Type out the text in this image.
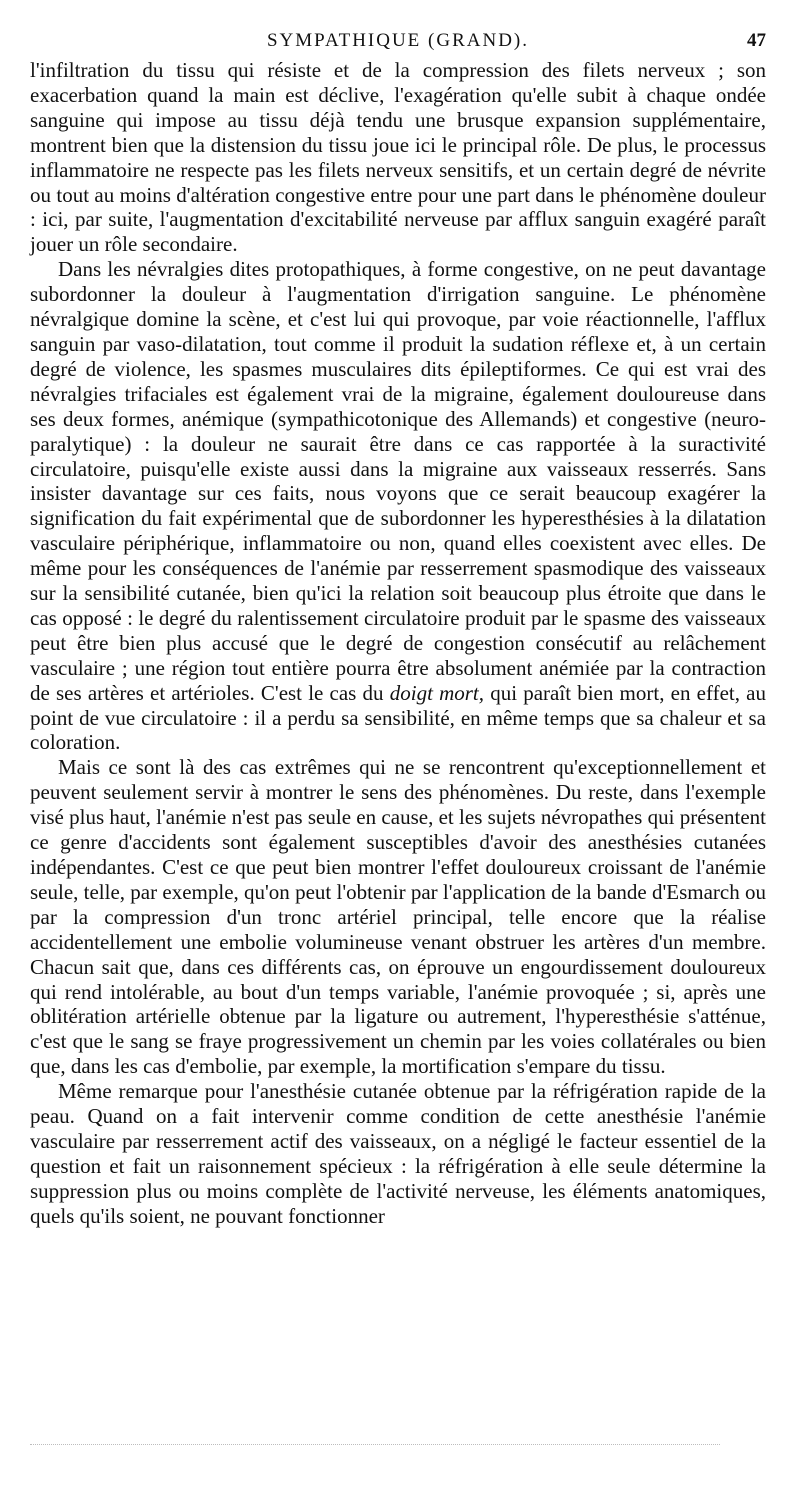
SYMPATHIQUE (GRAND).	47

l'infiltration du tissu qui résiste et de la compression des filets nerveux ; son exacerbation quand la main est déclive, l'exagération qu'elle subit à chaque ondée sanguine qui impose au tissu déjà tendu une brusque expansion supplémentaire, montrent bien que la distension du tissu joue ici le principal rôle. De plus, le processus inflammatoire ne respecte pas les filets nerveux sensitifs, et un certain degré de névrite ou tout au moins d'altération congestive entre pour une part dans le phénomène douleur : ici, par suite, l'augmentation d'excitabilité nerveuse par afflux sanguin exagéré paraît jouer un rôle secondaire.

Dans les névralgies dites protopathiques, à forme congestive, on ne peut davantage subordonner la douleur à l'augmentation d'irrigation sanguine. Le phénomène névralgique domine la scène, et c'est lui qui provoque, par voie réactionnelle, l'afflux sanguin par vaso-dilatation, tout comme il produit la sudation réflexe et, à un certain degré de violence, les spasmes musculaires dits épileptiformes. Ce qui est vrai des névralgies trifaciales est également vrai de la migraine, également douloureuse dans ses deux formes, anémique (sympathicotonique des Allemands) et congestive (neuro-paralytique) : la douleur ne saurait être dans ce cas rapportée à la suractivité circulatoire, puisqu'elle existe aussi dans la migraine aux vaisseaux resserrés. Sans insister davantage sur ces faits, nous voyons que ce serait beaucoup exagérer la signification du fait expérimental que de subordonner les hyperesthésies à la dilatation vasculaire périphérique, inflammatoire ou non, quand elles coexistent avec elles. De même pour les conséquences de l'anémie par resserrement spasmodique des vaisseaux sur la sensibilité cutanée, bien qu'ici la relation soit beaucoup plus étroite que dans le cas opposé : le degré du ralentissement circulatoire produit par le spasme des vaisseaux peut être bien plus accusé que le degré de congestion consécutif au relâchement vasculaire ; une région tout entière pourra être absolument anémiée par la contraction de ses artères et artérioles. C'est le cas du doigt mort, qui paraît bien mort, en effet, au point de vue circulatoire : il a perdu sa sensibilité, en même temps que sa chaleur et sa coloration.

Mais ce sont là des cas extrêmes qui ne se rencontrent qu'exceptionnellement et peuvent seulement servir à montrer le sens des phénomènes. Du reste, dans l'exemple visé plus haut, l'anémie n'est pas seule en cause, et les sujets névropathes qui présentent ce genre d'accidents sont également susceptibles d'avoir des anesthésies cutanées indépendantes. C'est ce que peut bien montrer l'effet douloureux croissant de l'anémie seule, telle, par exemple, qu'on peut l'obtenir par l'application de la bande d'Esmarch ou par la compression d'un tronc artériel principal, telle encore que la réalise accidentellement une embolie volumineuse venant obstruer les artères d'un membre. Chacun sait que, dans ces différents cas, on éprouve un engourdissement douloureux qui rend intolérable, au bout d'un temps variable, l'anémie provoquée ; si, après une oblitération artérielle obtenue par la ligature ou autrement, l'hyperesthésie s'atténue, c'est que le sang se fraye progressivement un chemin par les voies collatérales ou bien que, dans les cas d'embolie, par exemple, la mortification s'empare du tissu.

Même remarque pour l'anesthésie cutanée obtenue par la réfrigération rapide de la peau. Quand on a fait intervenir comme condition de cette anesthésie l'anémie vasculaire par resserrement actif des vaisseaux, on a négligé le facteur essentiel de la question et fait un raisonnement spécieux : la réfrigération à elle seule détermine la suppression plus ou moins complète de l'activité nerveuse, les éléments anatomiques, quels qu'ils soient, ne pouvant fonctionner
